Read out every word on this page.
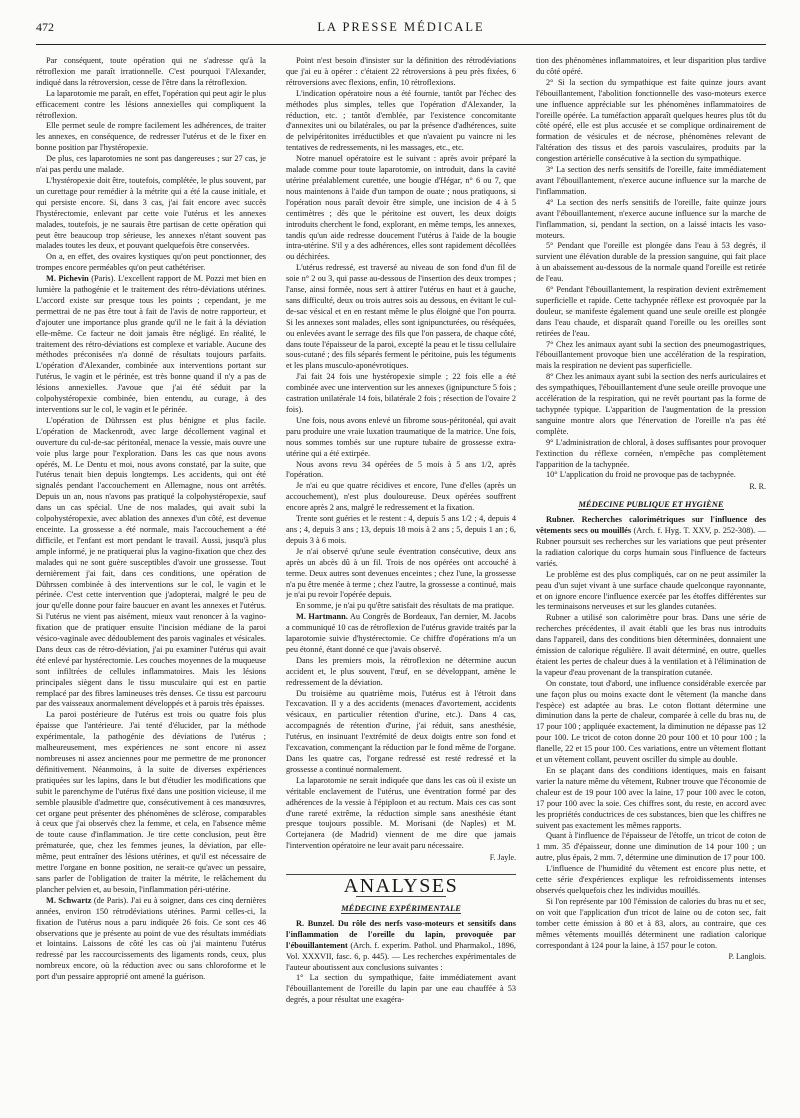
472	LA PRESSE MÉDICALE

Par conséquent, toute opération qui ne s'adresse qu'à la rétroflexion me paraît irrationnelle. C'est pourquoi l'Alexander, indiqué dans la rétroversion, cesse de l'être dans la rétroflexion.

La laparotomie me paraît, en effet, l'opération qui peut agir le plus efficacement contre les lésions annexielles qui compliquent la rétroflexion.

Elle permet seule de rompre facilement les adhérences, de traiter les annexes, en conséquence, de redresser l'utérus et de le fixer en bonne position par l'hystéropexie.

De plus, ces laparotomies ne sont pas dangereuses ; sur 27 cas, je n'ai pas perdu une malade.

L'hystéropexie doit être, toutefois, complétée, le plus souvent, par un curettage pour remédier à la métrite qui a été la cause initiale, et qui persiste encore. Si, dans 3 cas, j'ai fait encore avec succès l'hystérectomie, enlevant par cette voie l'utérus et les annexes malades, toutefois, je ne saurais être partisan de cette opération qui peut être beaucoup trop sérieuse, les annexes n'étant souvent pas malades toutes les deux, et pouvant quelquefois être conservées.

On a, en effet, des ovaires kystiques qu'on peut ponctionner, des trompes encore perméables qu'on peut cathétériser.

M. Pichevin (Paris). L'excellent rapport de M. Pozzi met bien en lumière la pathogénie et le traitement des rétro-déviations utérines. L'accord existe sur presque tous les points ; cependant, je me permettrai de ne pas être tout à fait de l'avis de notre rapporteur, et d'ajouter une importance plus grande qu'il ne le fait à la déviation elle-même. Ce facteur ne doit jamais être négligé. En réalité, le traitement des rétro-déviations est complexe et variable. Aucune des méthodes préconisées n'a donné de résultats toujours parfaits. L'opération d'Alexander, combinée aux interventions portant sur l'utérus, le vagin et le périnée, est très bonne quand il n'y a pas de lésions annexielles. J'avoue que j'ai été séduit par la colpohystéropexie combinée, bien entendu, au curage, à des interventions sur le col, le vagin et le périnée.

L'opération de Dührssen est plus bénigne et plus facile. L'opération de Mackenrodt, avec large décollement vaginal et ouverture du cul-de-sac péritonéal, menace la vessie, mais ouvre une voie plus large pour l'exploration. Dans les cas que nous avons opérés, M. Le Dentu et moi, nous avons constaté, par la suite, que l'utérus tenait bien depuis longtemps. Les accidents, qui ont été signalés pendant l'accouchement en Allemagne, nous ont arrêtés. Depuis un an, nous n'avons pas pratiqué la colpohystéropexie, sauf dans un cas spécial. Une de nos malades, qui avait subi la colpohystéropexie, avec ablation des annexes d'un côté, est devenue enceinte. La grossesse a été normale, mais l'accouchement a été difficile, et l'enfant est mort pendant le travail. Aussi, jusqu'à plus ample informé, je ne pratiquerai plus la vagino-fixation que chez des malades qui ne sont guère susceptibles d'avoir une grossesse. Tout dernièrement j'ai fait, dans ces conditions, une opération de Dührssen combinée à des interventions sur le col, le vagin et le périnée. C'est cette intervention que j'adopterai, malgré le peu de jour qu'elle donne pour faire baucuer en avant les annexes et l'utérus. Si l'utérus ne vient pas aisément, mieux vaut renoncer à la vagino-fixation que de pratiquer ensuite l'incision médiane de la paroi vésico-vaginale avec dédoublement des parois vaginales et vésicales. Dans deux cas de rétro-déviation, j'ai pu examiner l'utérus qui avait été enlevé par hystérectomie. Les couches moyennes de la muqueuse sont infiltrées de cellules inflammatoires. Mais les lésions principales siègent dans le tissu musculaire qui est en partie remplacé par des fibres lamineuses très denses. Ce tissu est parcouru par des vaisseaux anormalement développés et à parois très épaisses.

La paroi postérieure de l'utérus est trois ou quatre fois plus épaisse que l'antérieure. J'ai tenté d'élucider, par la méthode expérimentale, la pathogénie des déviations de l'utérus ; malheureusement, mes expériences ne sont encore ni assez nombreuses ni assez anciennes pour me permettre de me prononcer définitivement. Néanmoins, à la suite de diverses expériences pratiquées sur les lapins, dans le but d'étudier les modifications que subit le parenchyme de l'utérus fixé dans une position vicieuse, il me semble plausible d'admettre que, consécutivement à ces manœuvres, cet organe peut présenter des phénomènes de sclérose, comparables à ceux que j'ai observés chez la femme, et cela, en l'absence même de toute cause d'inflammation. Je tire cette conclusion, peut être prématurée, que, chez les femmes jeunes, la déviation, par elle-même, peut entraîner des lésions utérines, et qu'il est nécessaire de mettre l'organe en bonne position, ne serait-ce qu'avec un pessaire, sans parler de l'obligation de traiter la métrite, le relâchement du plancher pelvien et, au besoin, l'inflammation péri-utérine.

M. Schwartz (de Paris). J'ai eu à soigner, dans ces cinq dernières années, environ 150 rétrodéviations utérines. Parmi celles-ci, la fixation de l'utérus nous a paru indiquée 26 fois. Ce sont ces 46 observations que je présente au point de vue des résultats immédiats et lointains. Laissons de côté les cas où j'ai maintenu l'utérus redressé par les raccourcissements des ligaments ronds, ceux, plus nombreux encore, où la réduction avec ou sans chloroforme et le port d'un pessaire approprié ont amené la guérison.

Point n'est besoin d'insister sur la définition des rétrodéviations que j'ai eu à opérer : c'étaient 22 rétroversions à peu près fixées, 6 rétroversions avec flexions, enfin, 10 rétroflexions.

L'indication opératoire nous a été fournie, tantôt par l'échec des méthodes plus simples, telles que l'opération d'Alexander, la réduction, etc. ; tantôt d'emblée, par l'existence concomitante d'annexites uni ou bilatérales, ou par la présence d'adhérences, suite de pelvipéritonites irréductibles et que n'avaient pu vaincre ni les tentatives de redressements, ni les massages, etc., etc.

Notre manuel opératoire est le suivant : après avoir préparé la malade comme pour toute laparotomie, on introduit, dans la cavité utérine préalablement curettée, une bougie d'Hégar, n° 6 ou 7, que nous maintenons à l'aide d'un tampon de ouate ; nous pratiquons, si l'opération nous paraît devoir être simple, une incision de 4 à 5 centimètres ; dès que le péritoine est ouvert, les deux doigts introduits cherchent le fond, explorant, en même temps, les annexes, tandis qu'un aide redresse doucement l'utérus à l'aide de la bougie intra-utérine. S'il y a des adhérences, elles sont rapidement décollées ou déchirées.

L'utérus redressé, est traversé au niveau de son fond d'un fil de soie n° 2 ou 3, qui passe au-dessous de l'insertion des deux trompes ; l'anse, ainsi formée, nous sert à attirer l'utérus en haut et à gauche, sans difficulté, deux ou trois autres sois au dessous, en évitant le cul-de-sac vésical et en en restant même le plus éloigné que l'on pourra. Si les annexes sont malades, elles sont ignipuncturées, ou réséquées, ou enlevées avant le serrage des fils que l'on passera, de chaque côté, dans toute l'épaisseur de la paroi, excepté la peau et le tissu cellulaire sous-cutané ; des fils séparés ferment le péritoine, puis les téguments et les plans musculo-aponévrotiques.

J'ai fait 24 fois une hystéropexie simple ; 22 fois elle a été combinée avec une intervention sur les annexes (ignipuncture 5 fois ; castration unilatérale 14 fois, bilatérale 2 fois ; résection de l'ovaire 2 fois).

Une fois, nous avons enlevé un fibrome sous-péritonéal, qui avait paru produire une vraie luxation traumatique de la matrice. Une fois, nous sommes tombés sur une rupture tubaire de grossesse extra-utérine qui a été extirpée.

Nous avons revu 34 opérées de 5 mois à 5 ans 1/2, après l'opération.

Je n'ai eu que quatre récidives et encore, l'une d'elles (après un accouchement), n'est plus douloureuse. Deux opérées souffrent encore après 2 ans, malgré le redressement et la fixation.

Trente sont guéries et le restent : 4, depuis 5 ans 1/2 ; 4, depuis 4 ans ; 4, depuis 3 ans ; 13, depuis 18 mois à 2 ans ; 5, depuis 1 an ; 6, depuis 3 à 6 mois.

Je n'ai observé qu'une seule éventration consécutive, deux ans après un abcès dû à un fil. Trois de nos opérées ont accouché à terme. Deux autres sont devenues enceintes ; chez l'une, la grossesse n'a pu être menée à terme ; chez l'autre, la grossesse a continué, mais je n'ai pu revoir l'opérée depuis.

En somme, je n'ai pu qu'être satisfait des résultats de ma pratique.

M. Hartmann. Au Congrès de Bordeaux, l'an dernier, M. Jacobs a communiqué 10 cas de rétroflexion de l'utérus gravide traités par la laparotomie suivie d'hystérectomie. Ce chiffre d'opérations m'a un peu étonné, étant donné ce que j'avais observé.

Dans les premiers mois, la rétroflexion ne détermine aucun accident et, le plus souvent, l'œuf, en se développant, amène le redressement de la déviation.

Du troisième au quatrième mois, l'utérus est à l'étroit dans l'excavation. Il y a des accidents (menaces d'avortement, accidents vésicaux, en particulier rétention d'urine, etc.). Dans 4 cas, accompagnés de rétention d'urine, j'ai réduit, sans anesthésie, l'utérus, en insinuant l'extrémité de deux doigts entre son fond et l'excavation, commençant la réduction par le fond même de l'organe. Dans les quatre cas, l'organe redressé est resté redressé et la grossesse a continué normalement.

La laparotomie ne serait indiquée que dans les cas où il existe un véritable enclavement de l'utérus, une éventration formé par des adhérences de la vessie à l'épiploon et au rectum. Mais ces cas sont d'une rareté extrême, la réduction simple sans anesthésie étant presque toujours possible. M. Morisani (de Naples) et M. Cortejanera (de Madrid) viennent de me dire que jamais l'intervention opératoire ne leur avait paru nécessaire.

F. Jayle.
ANALYSES
MÉDECINE EXPÉRIMENTALE

R. Bunzel. Du rôle des nerfs vaso-moteurs et sensitifs dans l'inflammation de l'oreille du lapin, provoquée par l'ébouillantement (Arch. f. experim. Pathol. und Pharmakol., 1896, Vol. XXXVII, fasc. 6, p. 445). — Les recherches expérimentales de l'auteur aboutissent aux conclusions suivantes :

1° La section du sympathique, faite immédiatement avant l'ébouillantement de l'oreille du lapin par une eau chauffée à 53 degrés, a pour résultat une exagéra-

tion des phénomènes inflammatoires, et leur disparition plus tardive du côté opéré.

2° Si la section du sympathique est faite quinze jours avant l'ébouillantement, l'abolition fonctionnelle des vaso-moteurs exerce une influence appréciable sur les phénomènes inflammatoires de l'oreille opérée. La tuméfaction apparaît quelques heures plus tôt du côté opéré, elle est plus accusée et se complique ordinairement de formation de vésicules et de nécrose, phénomènes relevant de l'altération des tissus et des parois vasculaires, produits par la congestion artérielle consécutive à la section du sympathique.

3° La section des nerfs sensitifs de l'oreille, faite immédiatement avant l'ébouillantement, n'exerce aucune influence sur la marche de l'inflammation.

4° La section des nerfs sensitifs de l'oreille, faite quinze jours avant l'ébouillantement, n'exerce aucune influence sur la marche de l'inflammation, si, pendant la section, on a laissé intacts les vaso-moteurs.

5° Pendant que l'oreille est plongée dans l'eau à 53 degrés, il survient une élévation durable de la pression sanguine, qui fait place à un abaissement au-dessous de la normale quand l'oreille est retirée de l'eau.

6° Pendant l'ébouillantement, la respiration devient extrêmement superficielle et rapide. Cette tachypnée réflexe est provoquée par la douleur, se manifeste également quand une seule oreille est plongée dans l'eau chaude, et disparaît quand l'oreille ou les oreilles sont retirées de l'eau.

7° Chez les animaux ayant subi la section des pneumogastriques, l'ébouillantement provoque bien une accélération de la respiration, mais la respiration ne devient pas superficielle.

8° Chez les animaux ayant subi la section des nerfs auriculaires et des sympathiques, l'ébouillantement d'une seule oreille provoque une accélération de la respiration, qui ne revêt pourtant pas la forme de tachypnée typique. L'apparition de l'augmentation de la pression sanguine montre alors que l'énervation de l'oreille n'a pas été complète.

9° L'administration de chloral, à doses suffisantes pour provoquer l'extinction du réflexe cornéen, n'empêche pas complètement l'apparition de la tachypnée.

10° L'application du froid ne provoque pas de tachypnée.

R. R.
MÉDECINE PUBLIQUE ET HYGIÈNE

Rubner. Recherches calorimétriques sur l'influence des vêtements secs ou mouillés (Arch. f. Hyg. T. XXV, p. 252-308). — Rubner poursuit ses recherches sur les variations que peut présenter la radiation calorique du corps humain sous l'influence de facteurs variés.

Le problème est des plus compliqués, car on ne peut assimiler la peau d'un sujet vivant à une surface chaude quelconque rayonnante, et on ignore encore l'influence exercée par les étoffes différentes sur les terminaisons nerveuses et sur les glandes cutanées.

Rubner a utilisé son calorimètre pour bras. Dans une série de recherches précédentes, il avait établi que les bras nus introduits dans l'appareil, dans des conditions bien déterminées, donnaient une émission de calorique régulière. Il avait déterminé, en outre, quelles étaient les pertes de chaleur dues à la ventilation et à l'élimination de la vapeur d'eau provenant de la transpiration cutanée.

On constate, tout d'abord, une influence considérable exercée par une façon plus ou moins exacte dont le vêtement (la manche dans l'espèce) est adaptée au bras. Le coton flottant détermine une diminution dans la perte de chaleur, comparée à celle du bras nu, de 17 pour 100 ; appliquée exactement, la diminution ne dépasse pas 12 pour 100. Le tricot de coton donne 20 pour 100 et 10 pour 100 ; la flanelle, 22 et 15 pour 100. Ces variations, entre un vêtement flottant et un vêtement collant, peuvent osciller du simple au double.

En se plaçant dans des conditions identiques, mais en faisant varier la nature même du vêtement, Rubner trouve que l'économie de chaleur est de 19 pour 100 avec la laine, 17 pour 100 avec le coton, 17 pour 100 avec la soie. Ces chiffres sont, du reste, en accord avec les propriétés conductrices de ces substances, bien que les chiffres ne suivent pas exactement les mêmes rapports.

Quant à l'influence de l'épaisseur de l'étoffe, un tricot de coton de 1 mm. 35 d'épaisseur, donne une diminution de 14 pour 100 ; un autre, plus épais, 2 mm. 7, détermine une diminution de 17 pour 100.

L'influence de l'humidité du vêtement est encore plus nette, et cette série d'expériences explique les refroidissements intenses observés quelquefois chez les individus mouillés.

Si l'on représente par 100 l'émission de calories du bras nu et sec, on voit que l'application d'un tricot de laine ou de coton sec, fait tomber cette émission à 80 et à 83, alors, au contraire, que ces mêmes vêtements mouillés déterminent une radiation calorique correspondant à 124 pour la laine, à 157 pour le coton.

P. Langlois.
